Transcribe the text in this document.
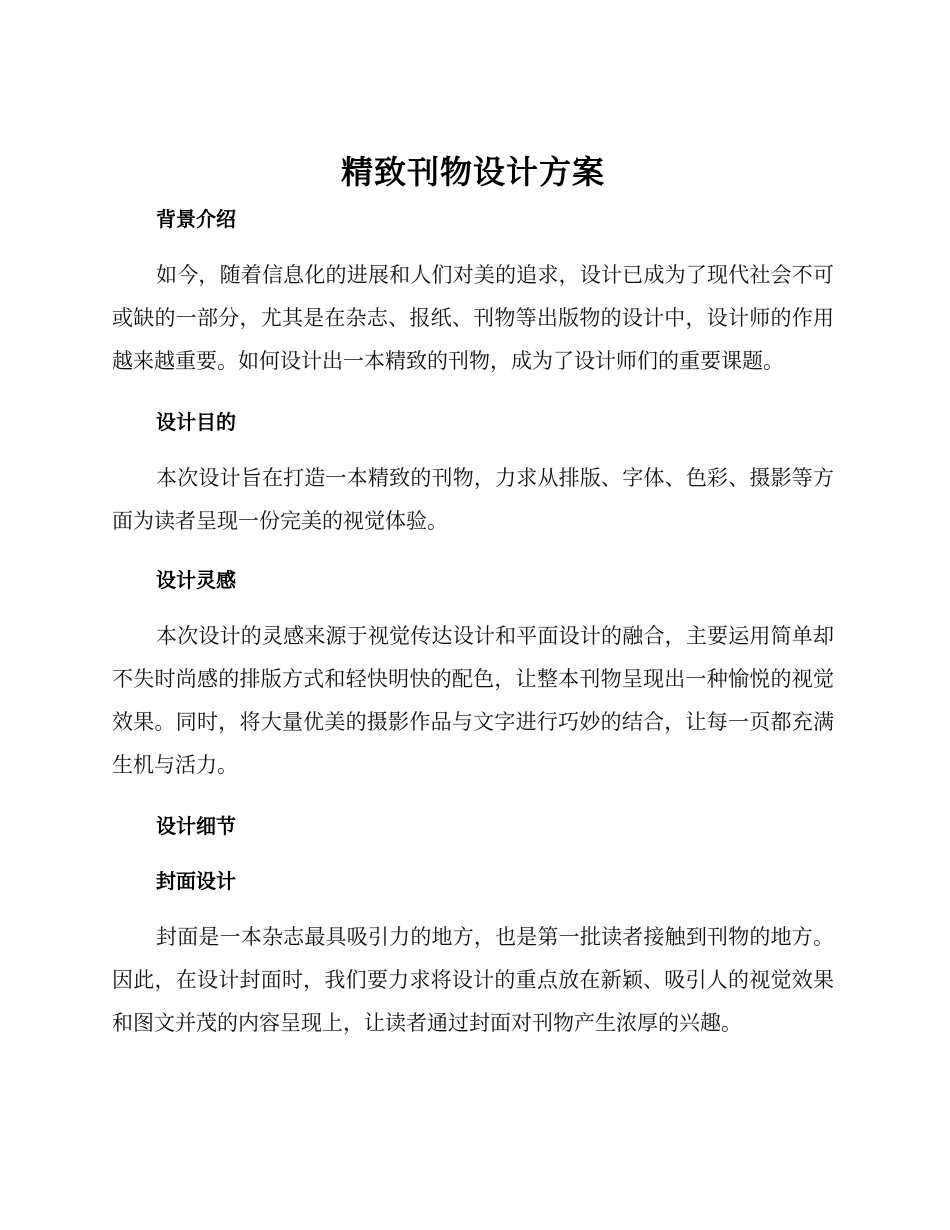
精致刊物设计方案
背景介绍

如今，随着信息化的进展和人们对美的追求，设计已成为了现代社会不可或缺的一部分，尤其是在杂志、报纸、刊物等出版物的设计中，设计师的作用越来越重要。如何设计出一本精致的刊物，成为了设计师们的重要课题。

设计目的

本次设计旨在打造一本精致的刊物，力求从排版、字体、色彩、摄影等方面为读者呈现一份完美的视觉体验。

设计灵感

本次设计的灵感来源于视觉传达设计和平面设计的融合，主要运用简单却不失时尚感的排版方式和轻快明快的配色，让整本刊物呈现出一种愉悦的视觉效果。同时，将大量优美的摄影作品与文字进行巧妙的结合，让每一页都充满生机与活力。

设计细节
封面设计

封面是一本杂志最具吸引力的地方，也是第一批读者接触到刊物的地方。因此，在设计封面时，我们要力求将设计的重点放在新颖、吸引人的视觉效果和图文并茂的内容呈现上，让读者通过封面对刊物产生浓厚的兴趣。
